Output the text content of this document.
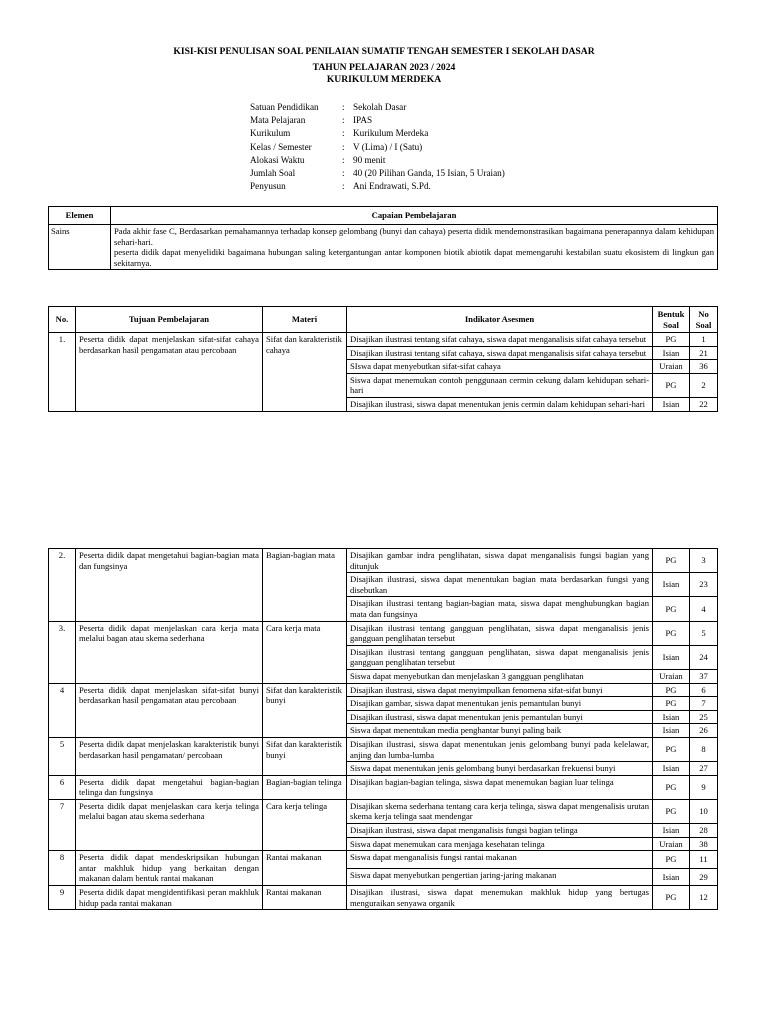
KISI-KISI PENULISAN SOAL PENILAIAN SUMATIF TENGAH SEMESTER I SEKOLAH DASAR
TAHUN PELAJARAN 2023 / 2024
KURIKULUM MERDEKA
Satuan Pendidikan	: Sekolah Dasar
Mata Pelajaran	: IPAS
Kurikulum	: Kurikulum Merdeka
Kelas / Semester	: V (Lima) / I (Satu)
Alokasi Waktu	: 90 menit
Jumlah Soal	: 40 (20 Pilihan Ganda, 15 Isian, 5 Uraian)
Penyusun	: Ani Endrawati, S.Pd.
Elemen	Capaian Pembelajaran
Sains	Pada akhir fase C, Berdasarkan pemahamannya terhadap konsep gelombang (bunyi dan cahaya) peserta didik mendemonstrasikan bagaimana penerapannya dalam kehidupan sehari-hari.
peserta didik dapat menyelidiki bagaimana hubungan saling ketergantungan antar komponen biotik abiotik dapat memengaruhi kestabilan suatu ekosistem di lingkun gan sekitarnya.
No.	Tujuan Pembelajaran	Materi	Indikator Asesmen	Bentuk Soal	No Soal
1.	Peserta didik dapat menjelaskan sifat-sifat cahaya berdasarkan hasil pengamatan atau percobaan	Sifat dan karakteristik cahaya	Disajikan ilustrasi tentang sifat cahaya, siswa dapat menganalisis sifat cahaya tersebut	PG	1
			Disajikan ilustrasi tentang sifat cahaya, siswa dapat menganalisis sifat cahaya tersebut	Isian	21
			SIswa dapat menyebutkan sifat-sifat cahaya	Uraian	36
			Siswa dapat menemukan contoh penggunaan cermin cekung dalam kehidupan sehari-hari	PG	2
			Disajikan ilustrasi, siswa dapat menentukan jenis cermin dalam kehidupan sehari-hari	Isian	22
2.	Peserta didik dapat mengetahui bagian-bagian mata dan fungsinya	Bagian-bagian mata	Disajikan gambar indra penglihatan, siswa dapat menganalisis fungsi bagian yang ditunjuk	PG	3
			Disajikan ilustrasi, siswa dapat menentukan bagian mata berdasarkan fungsi yang disebutkan	Isian	23
			Disajikan ilustrasi tentang bagian-bagian mata, siswa dapat menghubungkan bagian mata dan fungsinya	PG	4
3.	Peserta didik dapat menjelaskan cara kerja mata melalui bagan atau skema sederhana	Cara kerja mata	Disajikan ilustrasi tentang gangguan penglihatan, siswa dapat menganalisis jenis gangguan penglihatan tersebut	PG	5
			Disajikan ilustrasi tentang gangguan penglihatan, siswa dapat menganalisis jenis gangguan penglihatan tersebut	Isian	24
			Siswa dapat menyebutkan dan menjelaskan 3 gangguan penglihatan	Uraian	37
4	Peserta didik dapat menjelaskan sifat-sifat bunyi berdasarkan hasil pengamatan atau percobaan	Sifat dan karakteristik bunyi	Disajikan ilustrasi, siswa dapat menyimpulkan fenomena sifat-sifat bunyi	PG	6
			Disajikan gambar, siswa dapat menentukan jenis pemantulan bunyi	PG	7
			Disajikan ilustrasi, siswa dapat menentukan jenis pemantulan bunyi	Isian	25
			Siswa dapat menentukan media penghantar bunyi paling baik	Isian	26
5	Peserta didik dapat menjelaskan karakteristik bunyi berdasarkan hasil pengamatan/ percobaan	Sifat dan karakteristik bunyi	Disajikan ilustrasi, siswa dapat menentukan jenis gelombang bunyi pada kelelawar, anjing dan lumba-lumba	PG	8
			Siswa dapat menentukan jenis gelombang bunyi berdasarkan frekuensi bunyi	Isian	27
6	Peserta didik dapat mengetahui bagian-bagian telinga dan fungsinya	Bagian-bagian telinga	Disajikan bagian-bagian telinga, siswa dapat menemukan bagian luar telinga	PG	9
7	Peserta didik dapat menjelaskan cara kerja telinga melalui bagan atau skema sederhana	Cara kerja telinga	Disajikan skema sederhana tentang cara kerja telinga, siswa dapat mengenalisis urutan skema kerja telinga saat mendengar	PG	10
			Disajikan ilustrasi, siswa dapat menganalisis fungsi bagian telinga	Isian	28
			Siswa dapat menemukan cara menjaga kesehatan telinga	Uraian	38
8	Peserta didik dapat mendeskripsikan hubungan antar makhluk hidup yang berkaitan dengan makanan dalam bentuk rantai makanan	Rantai makanan	Siswa dapat menganalisis fungsi rantai makanan	PG	11
			Siswa dapat menyebutkan pengertian jaring-jaring makanan	Isian	29
9	Peserta didik dapat mengidentifikasi peran makhluk hidup pada rantai makanan	Rantai makanan	Disajikan ilustrasi, siswa dapat menemukan makhluk hidup yang bertugas menguraikan senyawa organik	PG	12
